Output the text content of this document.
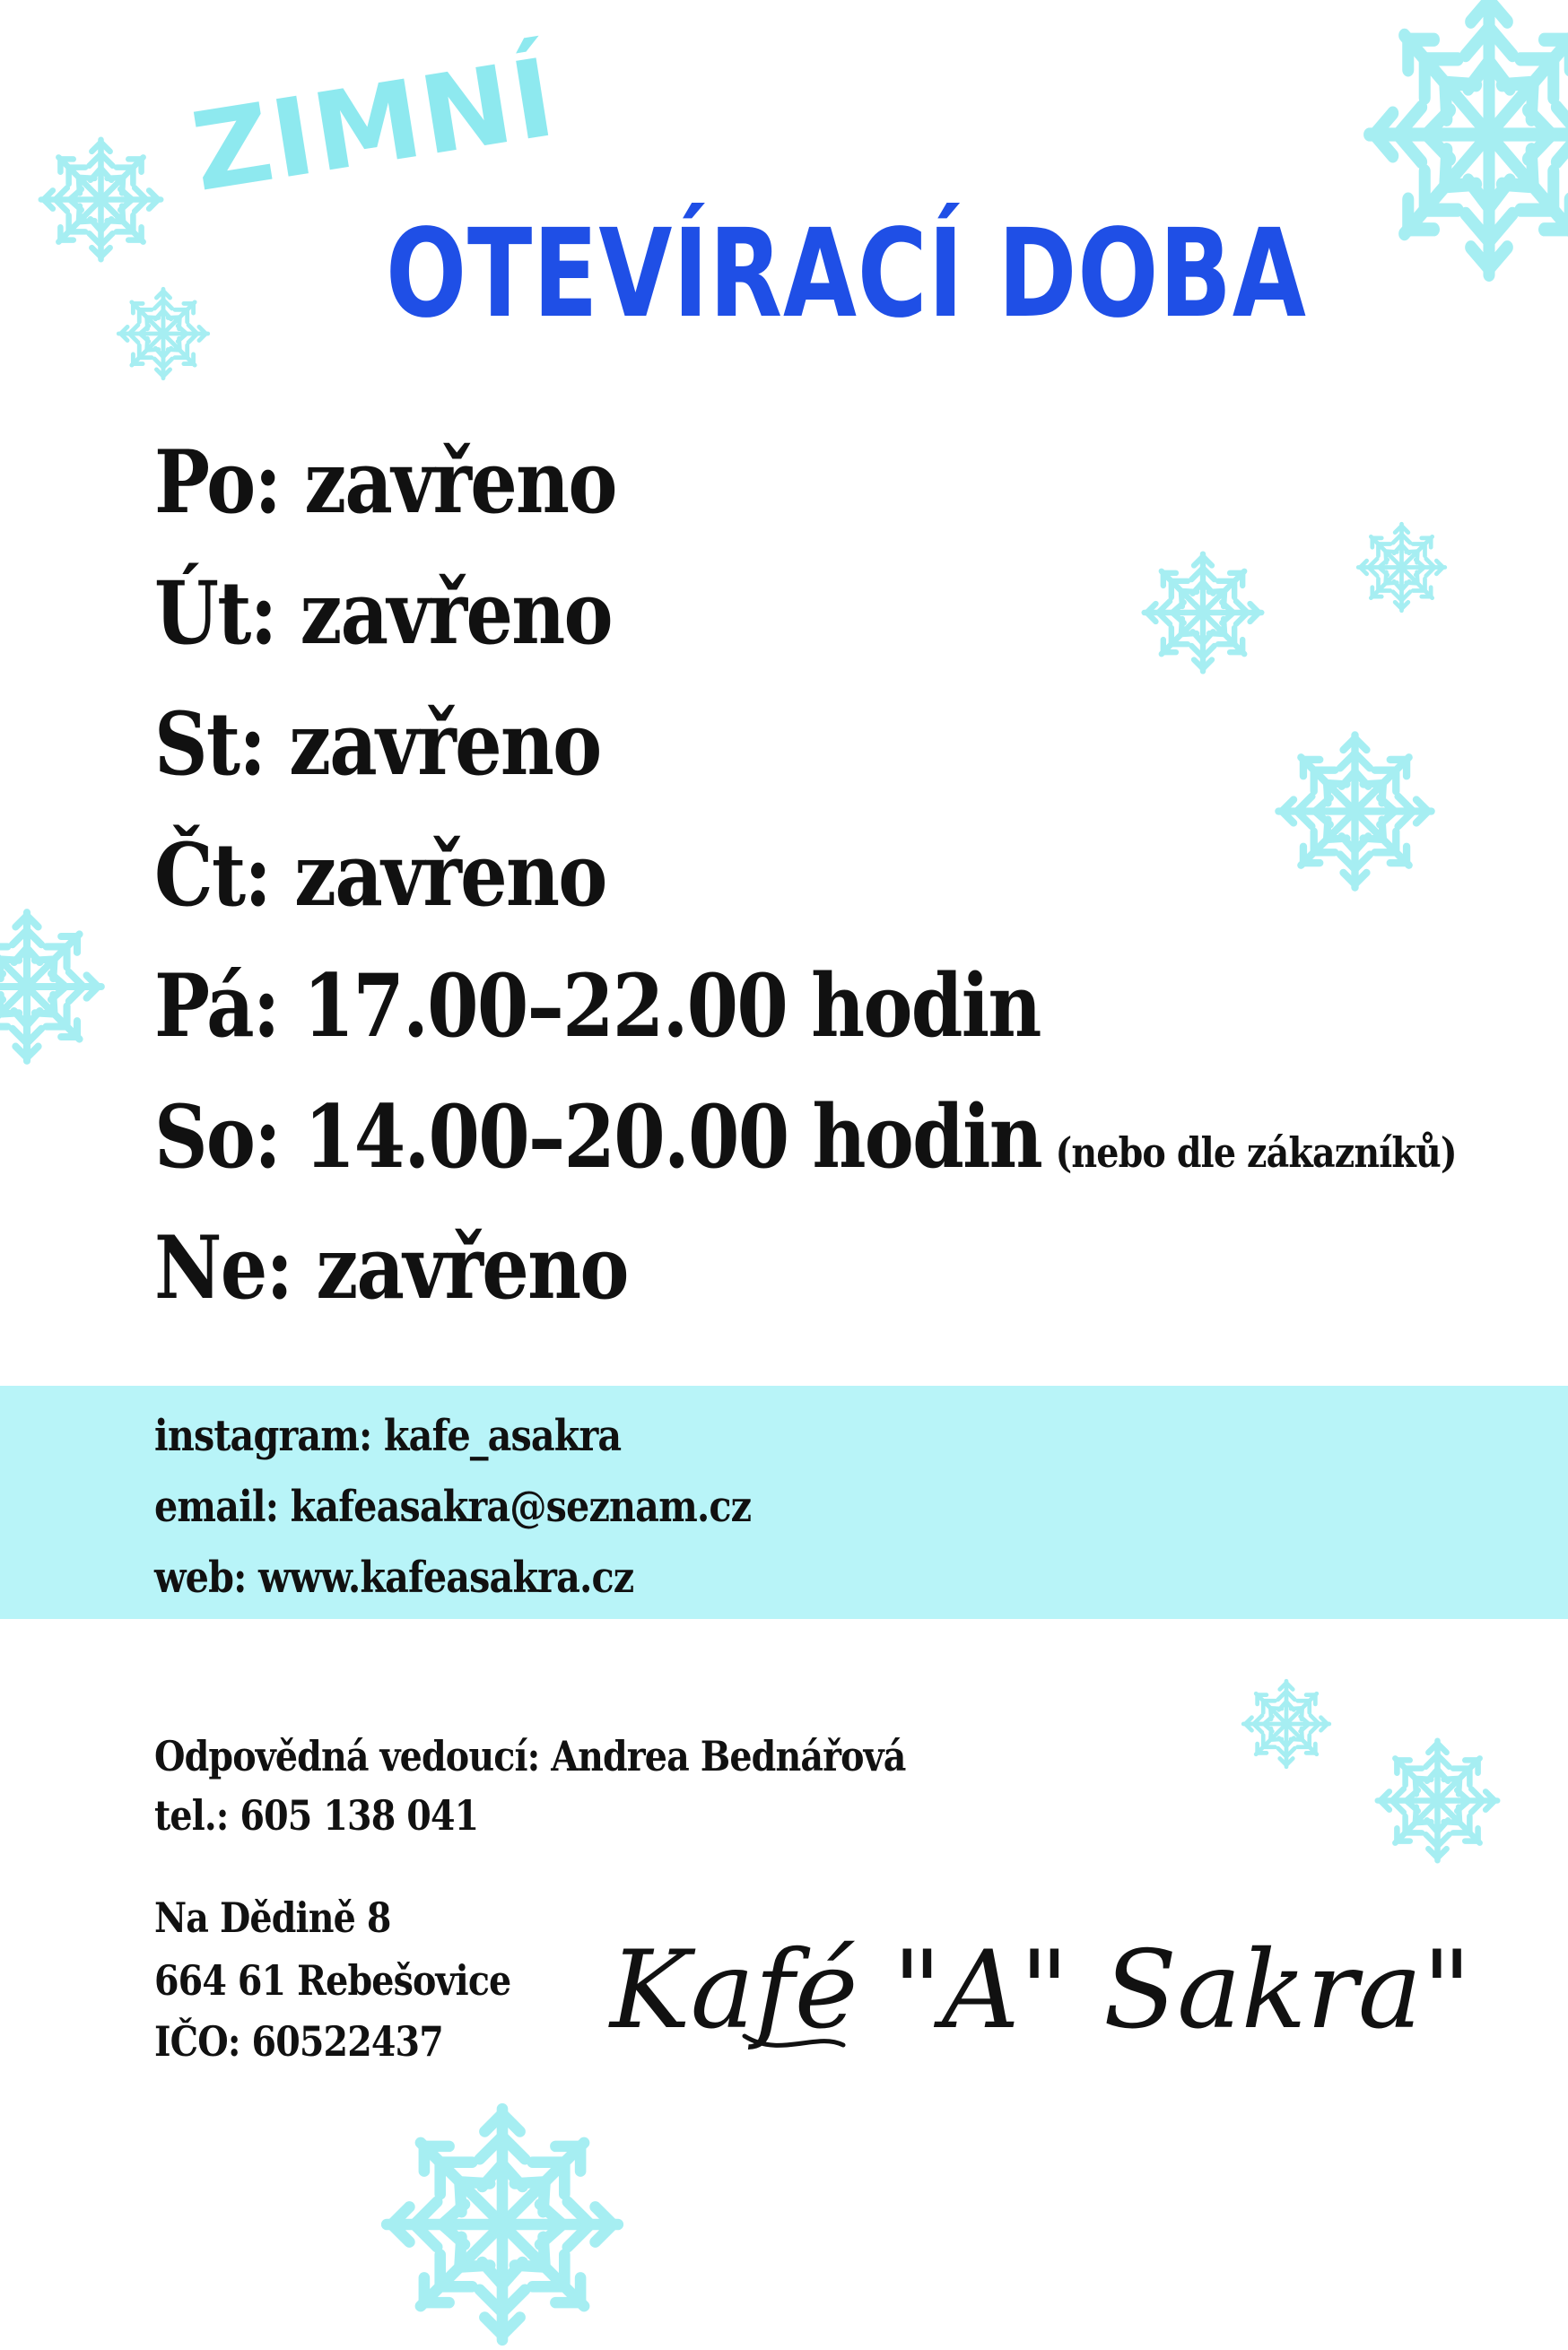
ZIMNÍ
OTEVÍRACÍ DOBA
Po: zavřeno
Út: zavřeno
St: zavřeno
Čt: zavřeno
Pá: 17.00–22.00 hodin
So: 14.00–20.00 hodin (nebo dle zákazníků)
Ne: zavřeno
instagram: kafe_asakra
email: kafeasakra@seznam.cz
web: www.kafeasakra.cz
Odpovědná vedoucí: Andrea Bednářová
tel.: 605 138 041
Na Dědině 8
664 61 Rebešovice
IČO: 60522437 Kafé "A" Sakra"
